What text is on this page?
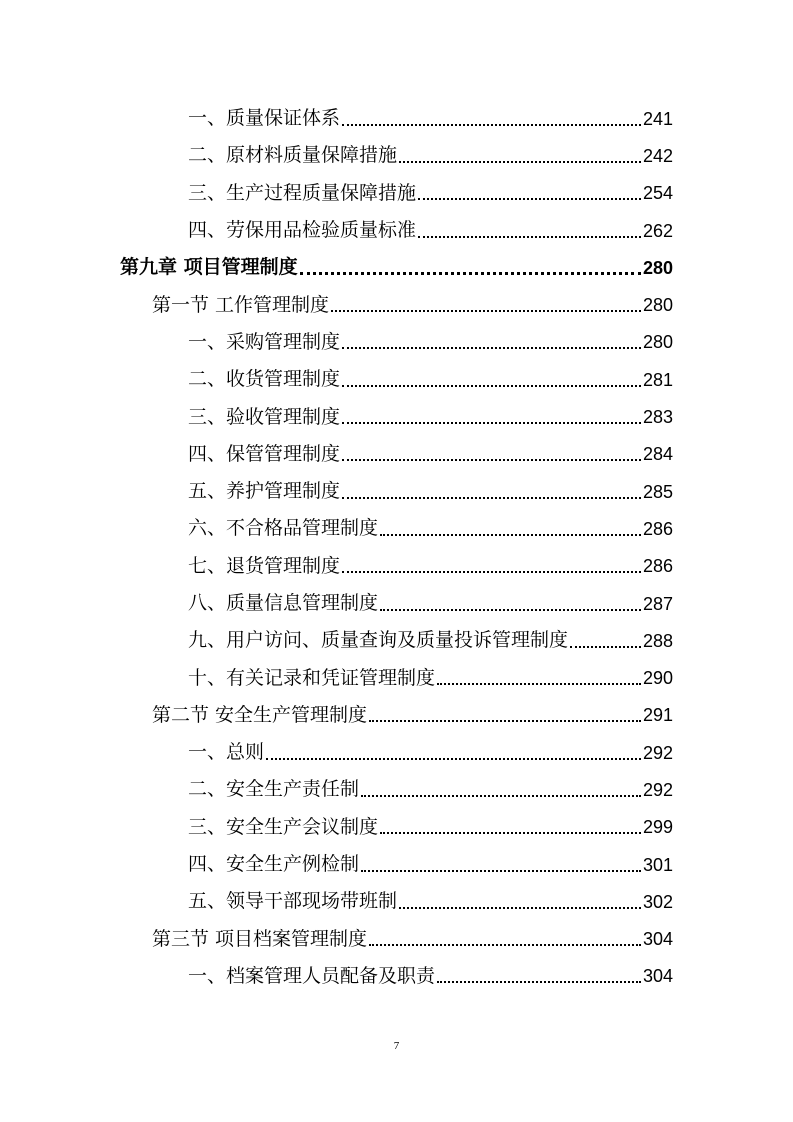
一、质量保证体系	241
二、原材料质量保障措施	242
三、生产过程质量保障措施	254
四、劳保用品检验质量标准	262
第九章 项目管理制度	280
第一节 工作管理制度	280
一、采购管理制度	280
二、收货管理制度	281
三、验收管理制度	283
四、保管管理制度	284
五、养护管理制度	285
六、不合格品管理制度	286
七、退货管理制度	286
八、质量信息管理制度	287
九、用户访问、质量查询及质量投诉管理制度	288
十、有关记录和凭证管理制度	290
第二节 安全生产管理制度	291
一、总则	292
二、安全生产责任制	292
三、安全生产会议制度	299
四、安全生产例检制	301
五、领导干部现场带班制	302
第三节 项目档案管理制度	304
一、档案管理人员配备及职责	304
7
